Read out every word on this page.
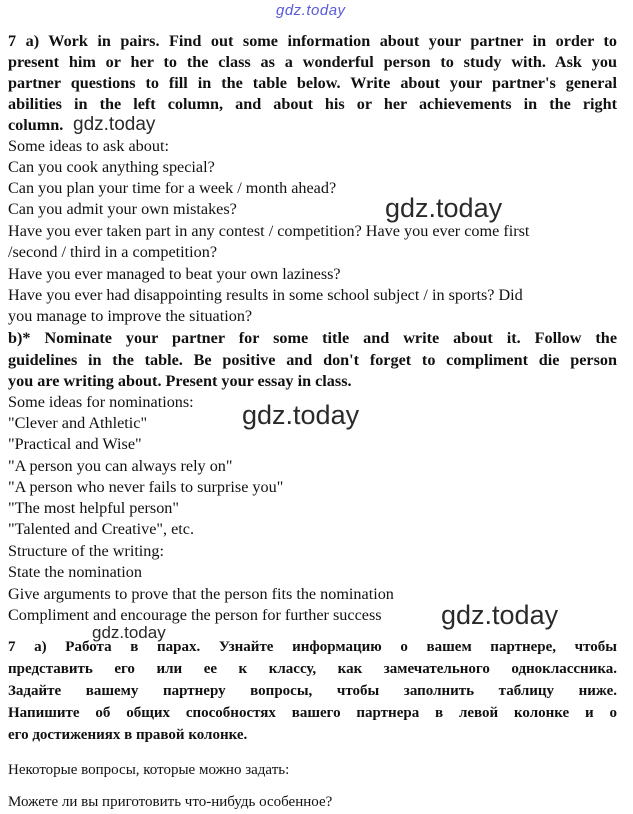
gdz.today
7 a) Work in pairs. Find out some information about your partner in order to
present him or her to the class as a wonderful person to study with. Ask you
partner questions to fill in the table below. Write about your partner's general
abilities in the left column, and about his or her achievements in the right
column. gdz.today
Some ideas to ask about:
Can you cook anything special?
Can you plan your time for a week / month ahead?
Can you admit your own mistakes?	gdz.today
Have you ever taken part in any contest / competition? Have you ever come first
/second / third in a competition?
Have you ever managed to beat your own laziness?
Have you ever had disappointing results in some school subject / in sports? Did
you manage to improve the situation?
b)* Nominate your partner for some title and write about it. Follow the
guidelines in the table. Be positive and don't forget to compliment die person
you are writing about. Present your essay in class.
Some ideas for nominations: gdz.today
"Clever and Athletic"
"Practical and Wise"
"A person you can always rely on"
"A person who never fails to surprise you"
"The most helpful person"
"Talented and Creative", etc.
Structure of the writing:
State the nomination
Give arguments to prove that the person fits the nomination
Compliment and encourage the person for further success gdz.today
gdz.today
7 а) Работа в парах. Узнайте информацию о вашем партнере, чтобы
представить его или ее к классу, как замечательного одноклассника.
Задайте вашему партнеру вопросы, чтобы заполнить таблицу ниже.
Напишите об общих способностях вашего партнера в левой колонке и о
его достижениях в правой колонке.
Некоторые вопросы, которые можно задать:
Можете ли вы приготовить что-нибудь особенное?
